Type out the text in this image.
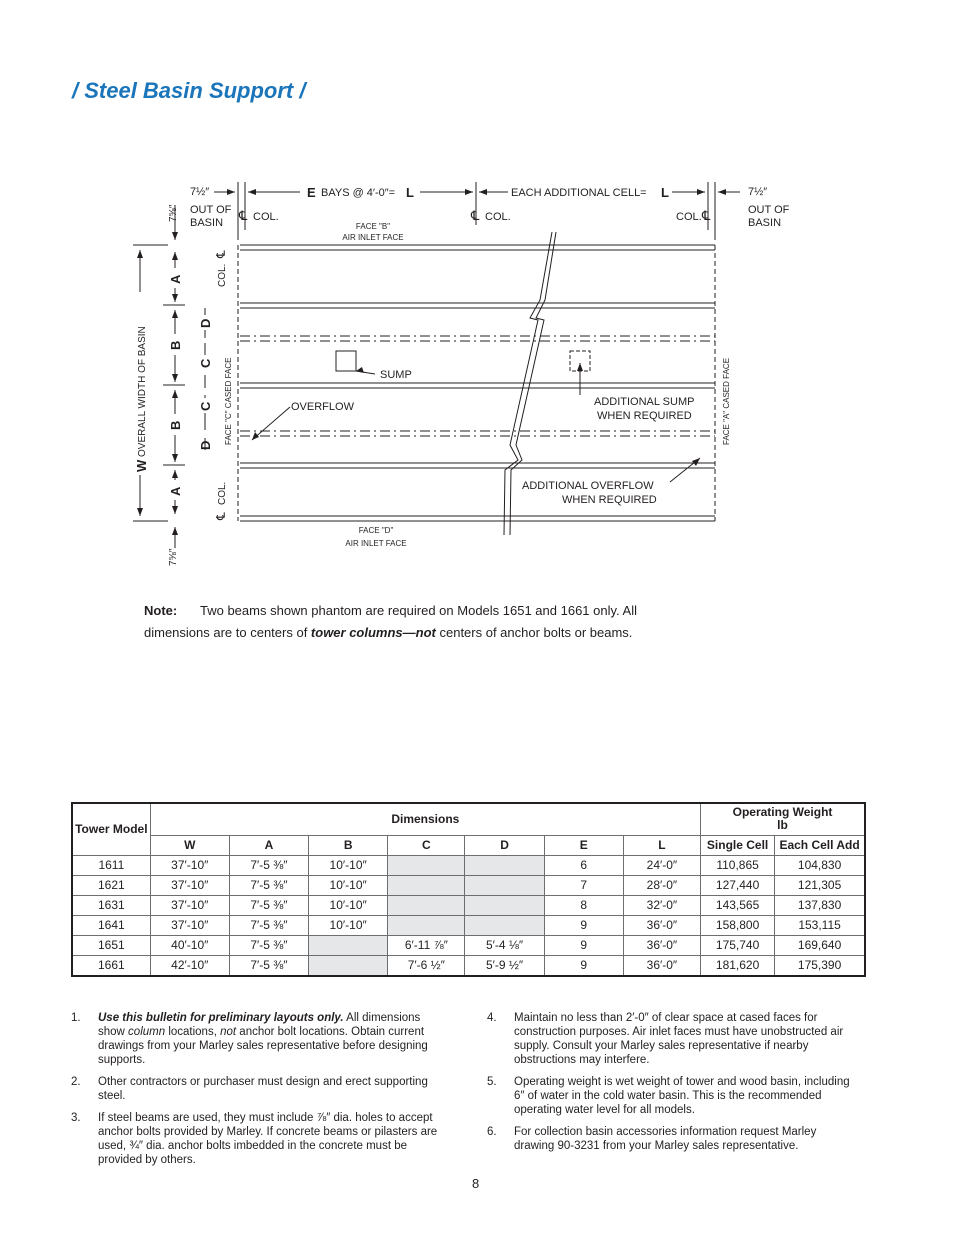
/ Steel Basin Support /
7½″
OUT OF
BASIN
E BAYS @ 4′-0″= L	EACH ADDITIONAL CELL= L	7½″
OUT OF
BASIN
℄ COL.	℄ COL.	COL. ℄
FACE "B"
AIR INLET FACE
FACE "D"
AIR INLET FACE
FACE "C" CASED FACE	FACE "A" CASED FACE
COL.
℄
COL.
℄
7⅝″
7⅝″
W
OVERALL WIDTH OF BASIN
A
B
B
A
D
C
C
D
SUMP
OVERFLOW	ADDITIONAL SUMP
WHEN REQUIRED
ADDITIONAL OVERFLOW
WHEN REQUIRED
Note: Two beams shown phantom are required on Models 1651 and 1661 only. All dimensions are to centers of tower columns—not centers of anchor bolts or beams.
Tower Model	Dimensions							Operating Weight
lb	
	W	A	B	C	D	E	L	Single Cell	Each Cell Add
1611	37′-10″	7′-5 ⅜″	10′-10″			6	24′-0″	110,865	104,830
1621	37′-10″	7′-5 ⅜″	10′-10″			7	28′-0″	127,440	121,305
1631	37′-10″	7′-5 ⅜″	10′-10″			8	32′-0″	143,565	137,830
1641	37′-10″	7′-5 ⅜″	10′-10″			9	36′-0″	158,800	153,115
1651	40′-10″	7′-5 ⅜″		6′-11 ⅞″	5′-4 ⅛″	9	36′-0″	175,740	169,640
1661	42′-10″	7′-5 ⅜″		7′-6 ½″	5′-9 ½″	9	36′-0″	181,620	175,390
1. Use this bulletin for preliminary layouts only. All dimensions show column locations, not anchor bolt locations. Obtain current drawings from your Marley sales representative before designing supports.
2. Other contractors or purchaser must design and erect supporting steel.
3. If steel beams are used, they must include ⅞″ dia. holes to accept anchor bolts provided by Marley. If concrete beams or pilasters are used, ¾″ dia. anchor bolts imbedded in the concrete must be provided by others.
4. Maintain no less than 2′-0″ of clear space at cased faces for construction purposes. Air inlet faces must have unobstructed air supply. Consult your Marley sales representative if nearby obstructions may interfere.
5. Operating weight is wet weight of tower and wood basin, including 6″ of water in the cold water basin. This is the recommended operating water level for all models.
6. For collection basin accessories information request Marley drawing 90-3231 from your Marley sales representative.
8
